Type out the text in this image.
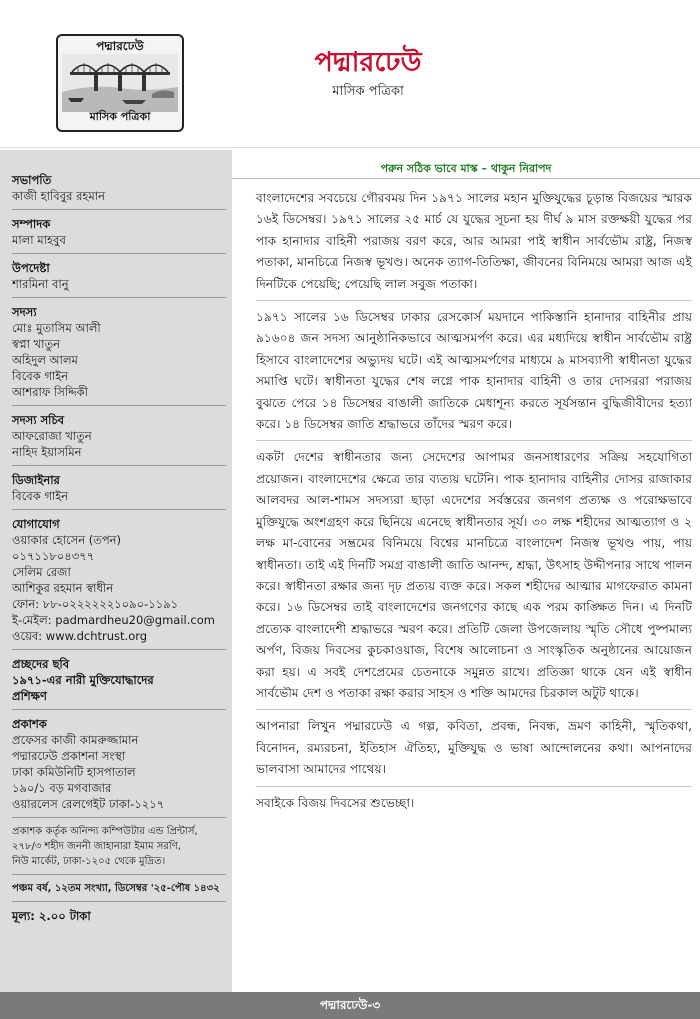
পদ্মারঢেউ
মাসিক পত্রিকা
পদ্মারঢেউ
মাসিক পত্রিকা
সভাপতি
কাজী হাবিবুর রহমান
সম্পাদক
মালা মাহবুব
উপদেষ্টা
শারমিনা বানু
সদস্য
মোঃ মুতাসিম আলী
স্বপ্না খাতুন
অহিদুল আলম
বিবেক গাইন
আশরাফ সিদ্দিকী
সদস্য সচিব
আফরোজা খাতুন
নাহিদ ইয়াসমিন
ডিজাইনার
বিবেক গাইন
যোগাযোগ
ওয়াকার হোসেন (তপন)
০১৭১১৮০৪৩৭৭
সেলিম রেজা
আশিকুর রহমান স্বাধীন
ফোন: ৮৮-০২২২২২২১০৯০-১১৯১
ই-মেইল: padmardheu20@gmail.com
ওয়েব: www.dchtrust.org
প্রচ্ছদের ছবি
১৯৭১-এর নারী মুক্তিযোদ্ধাদের
প্রশিক্ষণ
প্রকাশক
প্রফেসর কাজী কামরুজ্জামান
পদ্মারঢেউ প্রকাশনা সংস্থা
ঢাকা কমিউনিটি হাসপাতাল
১৯০/১ বড় মগবাজার
ওয়ারলেস রেলগেইট ঢাকা-১২১৭
প্রকাশক কর্তৃক অনিন্দ্য কম্পিউটার এন্ড প্রিন্টার্স,
২৭৮/৩ শহীদ জননী জাহানারা ইমাম সরণি,
নিউ মার্কেট, ঢাকা-১২০৫ থেকে মুদ্রিত।
পঞ্চম বর্ষ, ১২তম সংখ্যা, ডিসেম্বর '২৫-পৌষ ১৪৩২
মূল্য: ২.০০ টাকা
পরুন সঠিক ভাবে মাস্ক – থাকুন নিরাপদ

বাংলাদেশের সবচেয়ে গৌরবময় দিন ১৯৭১ সালের মহান মুক্তিযুদ্ধের চূড়ান্ত বিজয়ের স্মারক ১৬ই ডিসেম্বর। ১৯৭১ সালের ২৫ মার্চ যে যুদ্ধের সূচনা হয় দীর্ঘ ৯ মাস রক্তক্ষয়ী যুদ্ধের পর পাক হানাদার বাহিনী পরাজয় বরণ করে, আর আমরা পাই স্বাধীন সার্বভৌম রাষ্ট্র, নিজস্ব পতাকা, মানচিত্রে নিজস্ব ভূখণ্ড। অনেক ত্যাগ-তিতিক্ষা, জীবনের বিনিময়ে আমরা আজ এই দিনটিকে পেয়েছি; পেয়েছি লাল সবুজ পতাকা।

১৯৭১ সালের ১৬ ডিসেম্বর ঢাকার রেসকোর্স ময়দানে পাকিস্তানি হানাদার বাহিনীর প্রায় ৯১৬০৪ জন সদস্য আনুষ্ঠানিকভাবে আত্মসমর্পণ করে। এর মধ্যদিয়ে স্বাধীন সার্বভৌম রাষ্ট্র হিসাবে বাংলাদেশের অভ্যুদয় ঘটে। এই আত্মসমর্পণের মাধ্যমে ৯ মাসব্যাপী স্বাধীনতা যুদ্ধের সমাপ্তি ঘটে। স্বাধীনতা যুদ্ধের শেষ লগ্নে পাক হানাদার বাহিনী ও তার দোসররা পরাজয় বুঝতে পেরে ১৪ ডিসেম্বর বাঙালী জাতিকে মেধাশূন্য করতে সূর্যসন্তান বুদ্ধিজীবীদের হত্যা করে। ১৪ ডিসেম্বর জাতি শ্রদ্ধাভরে তাঁদের স্মরণ করে।

একটা দেশের স্বাধীনতার জন্য সেদেশের আপামর জনসাধারণের সক্রিয় সহযোগিতা প্রয়োজন। বাংলাদেশের ক্ষেত্রে তার ব্যত্যয় ঘটেনি। পাক হানাদার বাহিনীর দোসর রাজাকার আলবদর আল-শামস সদস্যরা ছাড়া এদেশের সর্বস্তরের জনগণ প্রত্যক্ষ ও পরোক্ষভাবে মুক্তিযুদ্ধে অংশগ্রহণ করে ছিনিয়ে এনেছে স্বাধীনতার সূর্য। ৩০ লক্ষ শহীদের আত্মত্যাগ ও ২ লক্ষ মা-বোনের সম্ভ্রমের বিনিময়ে বিশ্বের মানচিত্রে বাংলাদেশ নিজস্ব ভূখণ্ড পায়, পায় স্বাধীনতা। তাই এই দিনটি সমগ্র বাঙালী জাতি আনন্দ, শ্রদ্ধা, উৎসাহ উদ্দীপনার সাথে পালন করে। স্বাধীনতা রক্ষার জন্য দৃঢ় প্রত্যয় ব্যক্ত করে। সকল শহীদের আত্মার মাগফেরাত কামনা করে। ১৬ ডিসেম্বর তাই বাংলাদেশের জনগণের কাছে এক পরম কাঙ্ক্ষিত দিন। এ দিনটি প্রত্যেক বাংলাদেশী শ্রদ্ধাভরে স্মরণ করে। প্রতিটি জেলা উপজেলায় স্মৃতি সৌধে পুষ্পমাল্য অর্পণ, বিজয় দিবসের কুচকাওয়াজ, বিশেষ আলোচনা ও সাংস্কৃতিক অনুষ্ঠানের আয়োজন করা হয়। এ সবই দেশপ্রেমের চেতনাকে সমুন্নত রাখে। প্রতিজ্ঞা থাকে যেন এই স্বাধীন সার্বভৌম দেশ ও পতাকা রক্ষা করার সাহস ও শক্তি আমদের চিরকাল অটুট থাকে।

আপনারা লিখুন পদ্মারঢেউ এ গল্প, কবিতা, প্রবন্ধ, নিবন্ধ, ভ্রমণ কাহিনী, স্মৃতিকথা, বিনোদন, রম্যরচনা, ইতিহাস ঐতিহ্য, মুক্তিযুদ্ধ ও ভাষা আন্দোলনের কথা। আপনাদের ভালবাসা আমাদের পাথেয়।

সবাইকে বিজয় দিবসের শুভেচ্ছা।

পদ্মারঢেউ-৩
